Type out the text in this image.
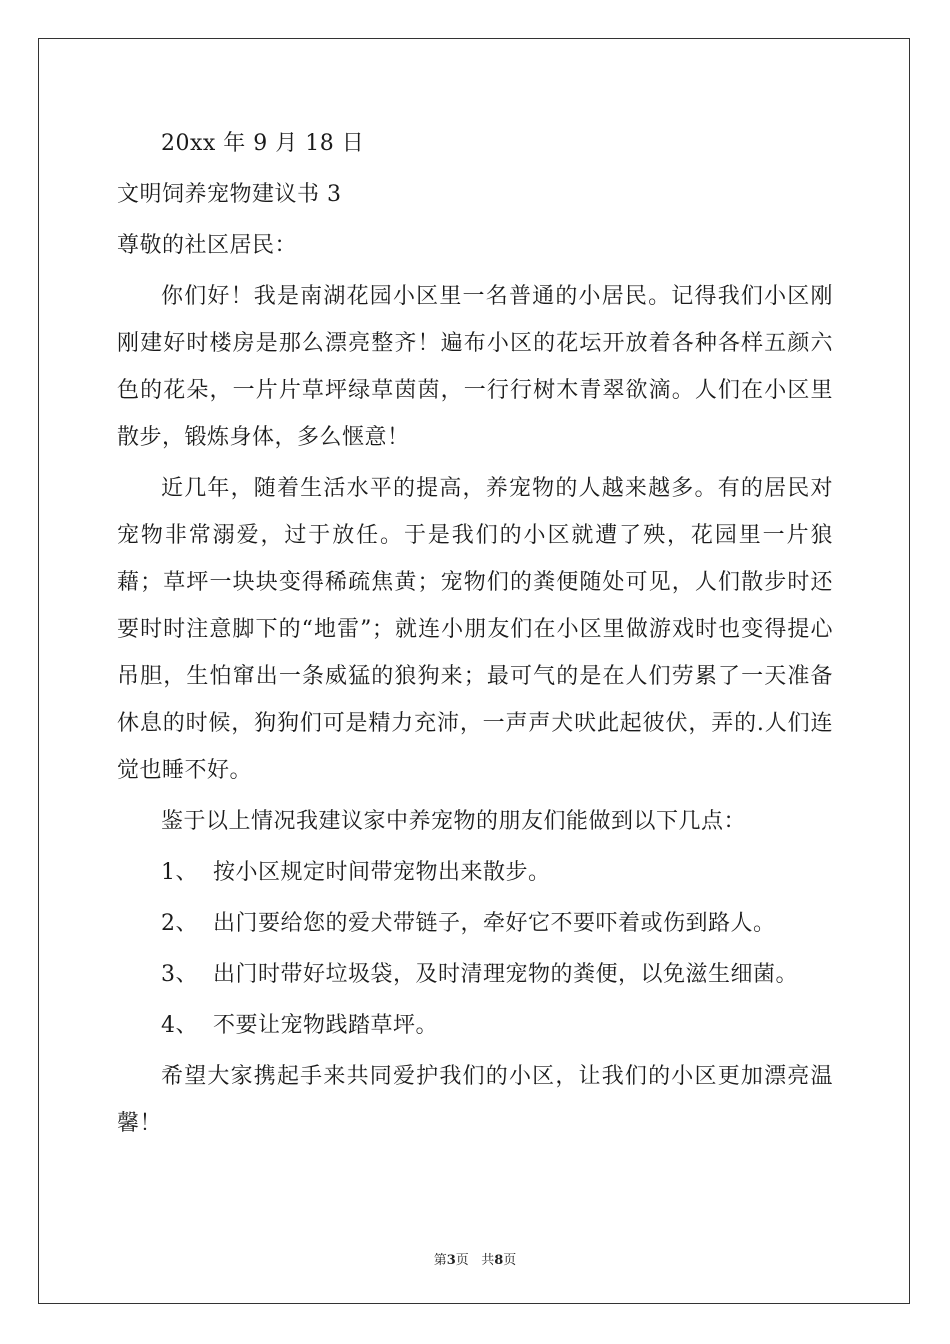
20xx 年 9 月 18 日

文明饲养宠物建议书 3

尊敬的社区居民：

你们好！我是南湖花园小区里一名普通的小居民。记得我们小区刚刚建好时楼房是那么漂亮整齐！遍布小区的花坛开放着各种各样五颜六色的花朵，一片片草坪绿草茵茵，一行行树木青翠欲滴。人们在小区里散步，锻炼身体，多么惬意！

近几年，随着生活水平的提高，养宠物的人越来越多。有的居民对宠物非常溺爱，过于放任。于是我们的小区就遭了殃，花园里一片狼藉；草坪一块块变得稀疏焦黄；宠物们的粪便随处可见，人们散步时还要时时注意脚下的“地雷”；就连小朋友们在小区里做游戏时也变得提心吊胆，生怕窜出一条威猛的狼狗来；最可气的是在人们劳累了一天准备休息的时候，狗狗们可是精力充沛，一声声犬吠此起彼伏，弄的.人们连觉也睡不好。

鉴于以上情况我建议家中养宠物的朋友们能做到以下几点：

1、  按小区规定时间带宠物出来散步。

2、  出门要给您的爱犬带链子，牵好它不要吓着或伤到路人。

3、  出门时带好垃圾袋，及时清理宠物的粪便，以免滋生细菌。

4、  不要让宠物践踏草坪。

希望大家携起手来共同爱护我们的小区，让我们的小区更加漂亮温馨！

第3页   共8页
